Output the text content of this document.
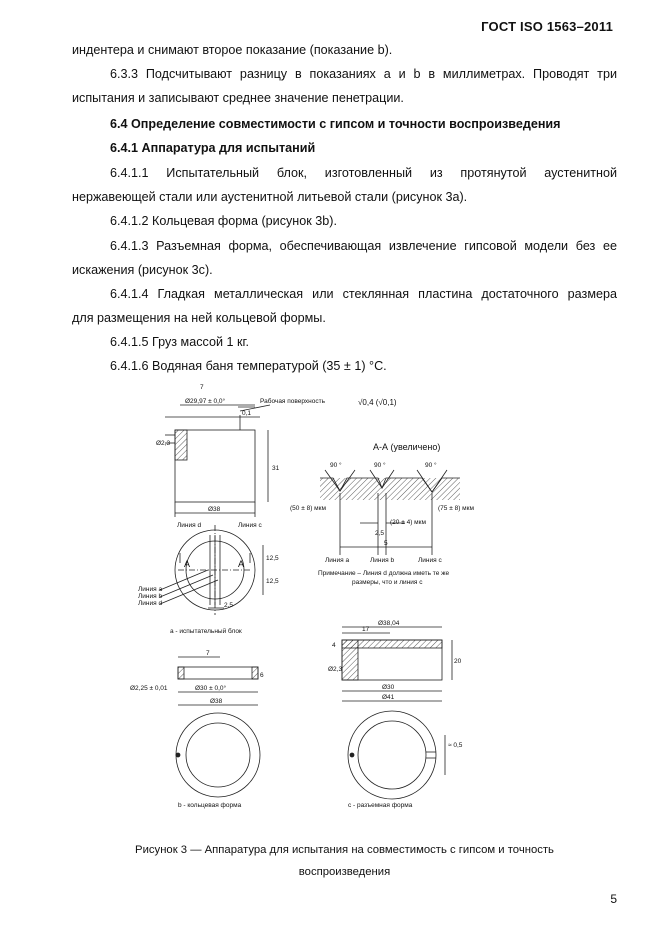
ГОСТ ISO 1563–2011
индентера и снимают второе показание (показание b).
6.3.3 Подсчитывают разницу в показаниях a и b в миллиметрах. Проводят три
испытания и записывают среднее значение пенетрации.
6.4 Определение совместимости с гипсом и точности воспроизведения
6.4.1 Аппаратура для испытаний
6.4.1.1 Испытательный блок, изготовленный из протянутой аустенитной
нержавеющей стали или аустенитной литьевой стали (рисунок 3а).
6.4.1.2 Кольцевая форма (рисунок 3b).
6.4.1.3 Разъемная форма, обеспечивающая извлечение гипсовой модели без ее
искажения (рисунок 3с).
6.4.1.4 Гладкая металлическая или стеклянная пластина достаточного размера
для размещения на ней кольцевой формы.
6.4.1.5 Груз массой 1 кг.
6.4.1.6 Водяная баня температурой (35 ± 1) °С.
Ø29,97 ± 0,0°	Рабочая поверхность	√0,4 (√0,1)
0,1
7
Ø2,3
31
Ø38
А-А (увеличено)
90 °	90 °	90 °
(50 ± 8) мкм
(20 ± 4) мкм
(75 ± 8) мкм
5
2,5
Линия а	Линия b	Линия с
Примечание – Линия d должна иметь те же
размеры, что и линия с
Линия d	Линия с
12,5
12,5
2,5
А	А
Линия а
Линия b
Линия d
а - испытательный блок
7
6
Ø2,25 ± 0,01	Ø30 ± 0,0°
Ø38
b - кольцевая форма
Ø38,04
17
4
20
Ø2,3
Ø30
Ø41
≈ 0,5
с - разъемная форма
Рисунок 3 — Аппаратура для испытания на совместимость с гипсом и точность
воспроизведения
5
